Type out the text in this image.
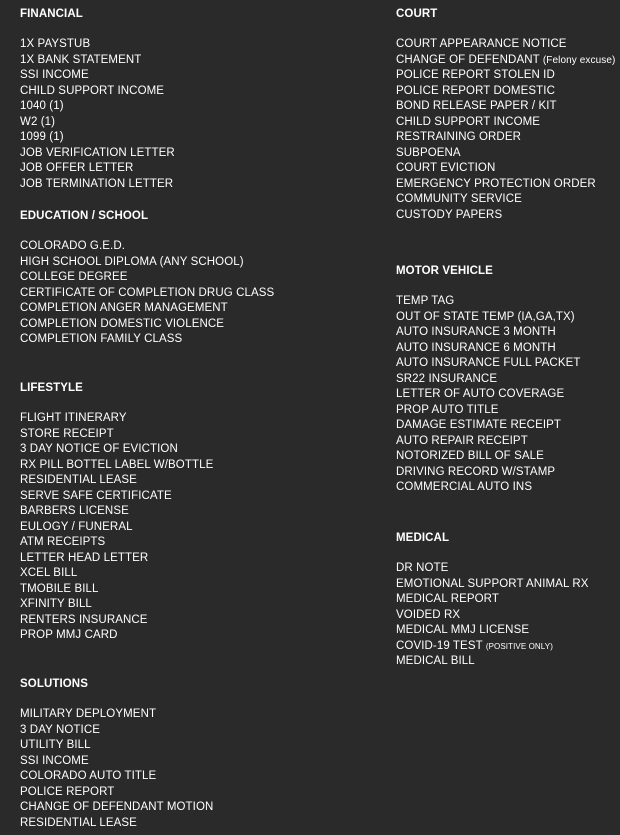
FINANCIAL
1X PAYSTUB
1X BANK STATEMENT
SSI INCOME
CHILD SUPPORT INCOME
1040 (1)
W2 (1)
1099 (1)
JOB VERIFICATION LETTER
JOB OFFER LETTER
JOB TERMINATION LETTER
EDUCATION / SCHOOL
COLORADO G.E.D.
HIGH SCHOOL DIPLOMA (ANY SCHOOL)
COLLEGE DEGREE
CERTIFICATE OF COMPLETION DRUG CLASS
COMPLETION ANGER MANAGEMENT
COMPLETION DOMESTIC VIOLENCE
COMPLETION FAMILY CLASS
LIFESTYLE
FLIGHT ITINERARY
STORE RECEIPT
3 DAY NOTICE OF EVICTION
RX PILL BOTTEL LABEL W/BOTTLE
RESIDENTIAL LEASE
SERVE SAFE CERTIFICATE
BARBERS LICENSE
EULOGY / FUNERAL
ATM RECEIPTS
LETTER HEAD LETTER
XCEL BILL
TMOBILE BILL
XFINITY BILL
RENTERS INSURANCE
PROP MMJ CARD
SOLUTIONS
MILITARY DEPLOYMENT
3 DAY NOTICE
UTILITY BILL
SSI INCOME
COLORADO AUTO TITLE
POLICE REPORT
CHANGE OF DEFENDANT MOTION
RESIDENTIAL LEASE
COURT
COURT APPEARANCE NOTICE
CHANGE OF DEFENDANT (Felony excuse)
POLICE REPORT STOLEN ID
POLICE REPORT DOMESTIC
BOND RELEASE PAPER / KIT
CHILD SUPPORT INCOME
RESTRAINING ORDER
SUBPOENA
COURT EVICTION
EMERGENCY PROTECTION ORDER
COMMUNITY SERVICE
CUSTODY PAPERS
MOTOR VEHICLE
TEMP TAG
OUT OF STATE TEMP (IA,GA,TX)
AUTO INSURANCE 3 MONTH
AUTO INSURANCE 6 MONTH
AUTO INSURANCE FULL PACKET
SR22 INSURANCE
LETTER OF AUTO COVERAGE
PROP AUTO TITLE
DAMAGE ESTIMATE RECEIPT
AUTO REPAIR RECEIPT
NOTORIZED BILL OF SALE
DRIVING RECORD W/STAMP
COMMERCIAL AUTO INS
MEDICAL
DR NOTE
EMOTIONAL SUPPORT ANIMAL RX
MEDICAL REPORT
VOIDED RX
MEDICAL MMJ LICENSE
COVID-19 TEST (POSITIVE ONLY)
MEDICAL BILL
